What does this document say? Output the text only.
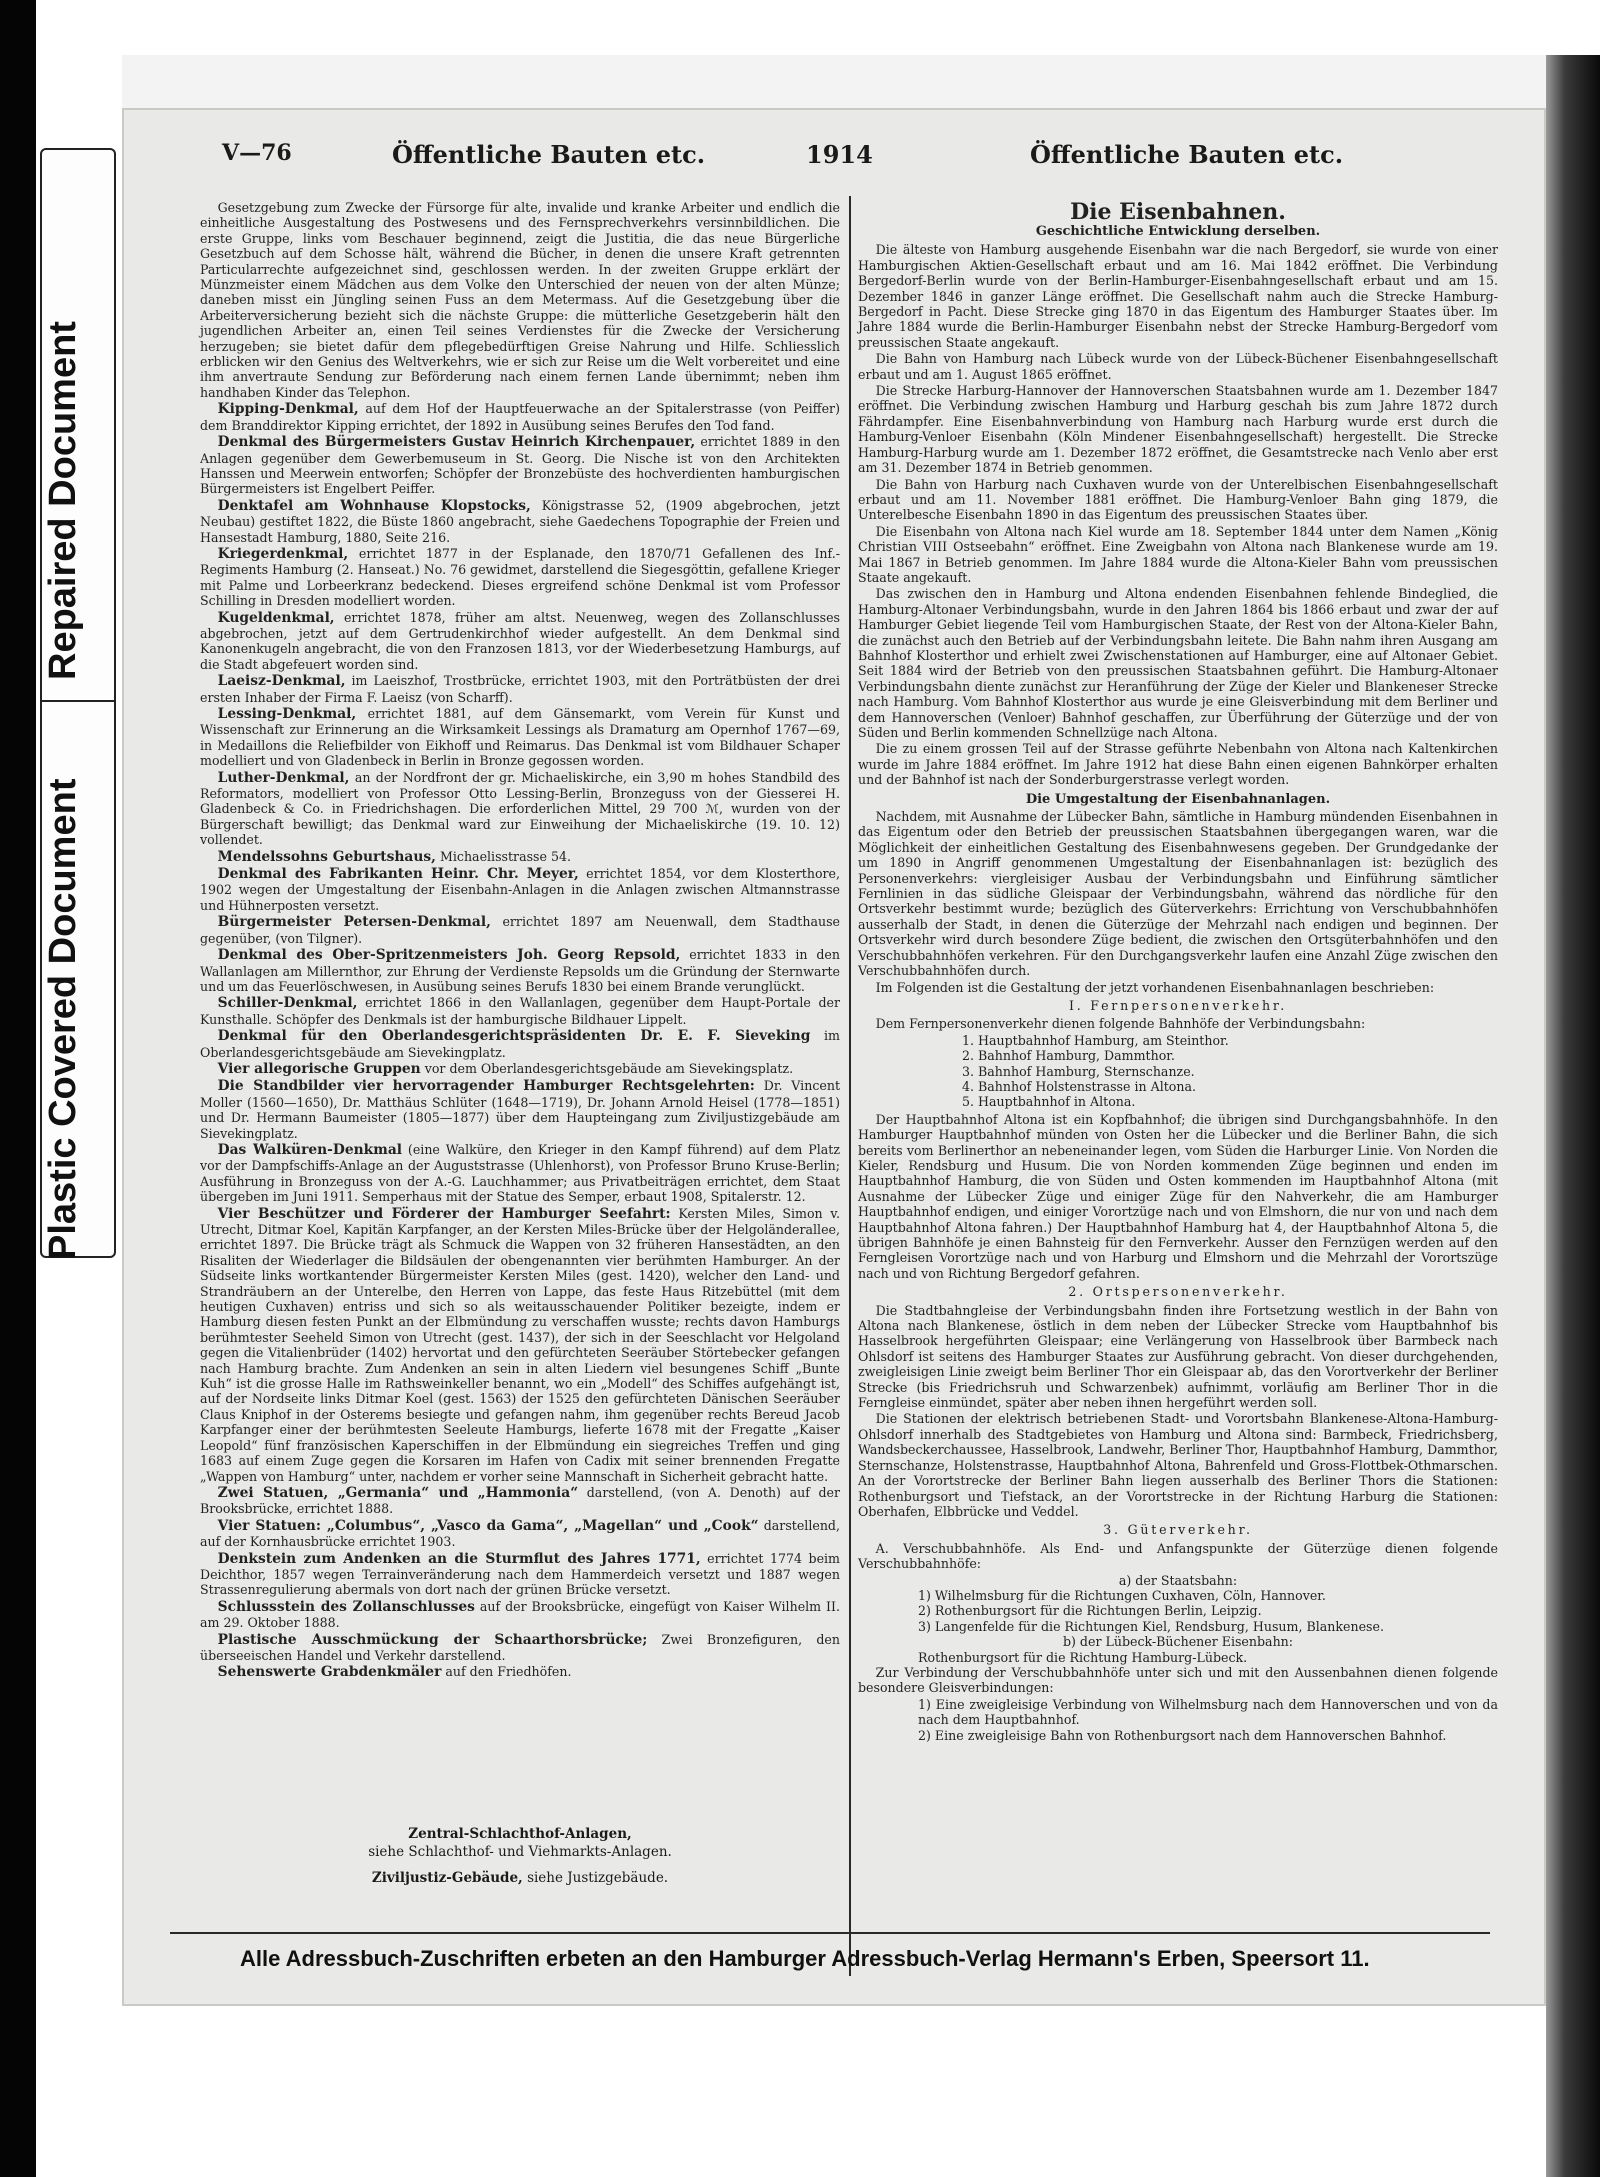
Plastic Covered Document
Repaired Document
V—76	Öffentliche Bauten etc.	1914	Öffentliche Bauten etc.

Gesetzgebung zum Zwecke der Fürsorge für alte, invalide und kranke Arbeiter und endlich die einheitliche Ausgestaltung des Postwesens und des Fernsprechverkehrs versinnbildlichen. Die erste Gruppe, links vom Beschauer beginnend, zeigt die Justitia, die das neue Bürgerliche Gesetzbuch auf dem Schosse hält, während die Bücher, in denen die unsere Kraft getrennten Particularrechte aufgezeichnet sind, geschlossen werden. In der zweiten Gruppe erklärt der Münzmeister einem Mädchen aus dem Volke den Unterschied der neuen von der alten Münze; daneben misst ein Jüngling seinen Fuss an dem Metermass. Auf die Gesetzgebung über die Arbeiterversicherung bezieht sich die nächste Gruppe: die mütterliche Gesetzgeberin hält den jugendlichen Arbeiter an, einen Teil seines Verdienstes für die Zwecke der Versicherung herzugeben; sie bietet dafür dem pflegebedürftigen Greise Nahrung und Hilfe. Schliesslich erblicken wir den Genius des Weltverkehrs, wie er sich zur Reise um die Welt vorbereitet und eine ihm anvertraute Sendung zur Beförderung nach einem fernen Lande übernimmt; neben ihm handhaben Kinder das Telephon.

Kipping-Denkmal, auf dem Hof der Hauptfeuerwache an der Spitalerstrasse (von Peiffer) dem Branddirektor Kipping errichtet, der 1892 in Ausübung seines Berufes den Tod fand.

Denkmal des Bürgermeisters Gustav Heinrich Kirchenpauer, errichtet 1889 in den Anlagen gegenüber dem Gewerbemuseum in St. Georg. Die Nische ist von den Architekten Hanssen und Meerwein entworfen; Schöpfer der Bronzebüste des hochverdienten hamburgischen Bürgermeisters ist Engelbert Peiffer.

Denktafel am Wohnhause Klopstocks, Königstrasse 52, (1909 abgebrochen, jetzt Neubau) gestiftet 1822, die Büste 1860 angebracht, siehe Gaedechens Topographie der Freien und Hansestadt Hamburg, 1880, Seite 216.

Kriegerdenkmal, errichtet 1877 in der Esplanade, den 1870/71 Gefallenen des Inf.-Regiments Hamburg (2. Hanseat.) No. 76 gewidmet, darstellend die Siegesgöttin, gefallene Krieger mit Palme und Lorbeerkranz bedeckend. Dieses ergreifend schöne Denkmal ist vom Professor Schilling in Dresden modelliert worden.

Kugeldenkmal, errichtet 1878, früher am altst. Neuenweg, wegen des Zollanschlusses abgebrochen, jetzt auf dem Gertrudenkirchhof wieder aufgestellt. An dem Denkmal sind Kanonenkugeln angebracht, die von den Franzosen 1813, vor der Wiederbesetzung Hamburgs, auf die Stadt abgefeuert worden sind.

Laeisz-Denkmal, im Laeiszhof, Trostbrücke, errichtet 1903, mit den Porträtbüsten der drei ersten Inhaber der Firma F. Laeisz (von Scharff).

Lessing-Denkmal, errichtet 1881, auf dem Gänsemarkt, vom Verein für Kunst und Wissenschaft zur Erinnerung an die Wirksamkeit Lessings als Dramaturg am Opernhof 1767—69, in Medaillons die Reliefbilder von Eikhoff und Reimarus. Das Denkmal ist vom Bildhauer Schaper modelliert und von Gladenbeck in Berlin in Bronze gegossen worden.

Luther-Denkmal, an der Nordfront der gr. Michaeliskirche, ein 3,90 m hohes Standbild des Reformators, modelliert von Professor Otto Lessing-Berlin, Bronzeguss von der Giesserei H. Gladenbeck & Co. in Friedrichshagen. Die erforderlichen Mittel, 29 700 ℳ, wurden von der Bürgerschaft bewilligt; das Denkmal ward zur Einweihung der Michaeliskirche (19. 10. 12) vollendet.

Mendelssohns Geburtshaus, Michaelisstrasse 54.

Denkmal des Fabrikanten Heinr. Chr. Meyer, errichtet 1854, vor dem Klosterthore, 1902 wegen der Umgestaltung der Eisenbahn-Anlagen in die Anlagen zwischen Altmannstrasse und Hühnerposten versetzt.

Bürgermeister Petersen-Denkmal, errichtet 1897 am Neuenwall, dem Stadthause gegenüber, (von Tilgner).

Denkmal des Ober-Spritzenmeisters Joh. Georg Repsold, errichtet 1833 in den Wallanlagen am Millernthor, zur Ehrung der Verdienste Repsolds um die Gründung der Sternwarte und um das Feuerlöschwesen, in Ausübung seines Berufs 1830 bei einem Brande verunglückt.

Schiller-Denkmal, errichtet 1866 in den Wallanlagen, gegenüber dem Haupt-Portale der Kunsthalle. Schöpfer des Denkmals ist der hamburgische Bildhauer Lippelt.

Denkmal für den Oberlandesgerichtspräsidenten Dr. E. F. Sieveking im Oberlandesgerichtsgebäude am Sievekingplatz.

Vier allegorische Gruppen vor dem Oberlandesgerichtsgebäude am Sievekingsplatz.

Die Standbilder vier hervorragender Hamburger Rechtsgelehrten: Dr. Vincent Moller (1560—1650), Dr. Matthäus Schlüter (1648—1719), Dr. Johann Arnold Heisel (1778—1851) und Dr. Hermann Baumeister (1805—1877) über dem Haupteingang zum Ziviljustizgebäude am Sievekingplatz.

Das Walküren-Denkmal (eine Walküre, den Krieger in den Kampf führend) auf dem Platz vor der Dampfschiffs-Anlage an der Auguststrasse (Uhlenhorst), von Professor Bruno Kruse-Berlin; Ausführung in Bronzeguss von der A.-G. Lauchhammer; aus Privatbeiträgen errichtet, dem Staat übergeben im Juni 1911. Semperhaus mit der Statue des Semper, erbaut 1908, Spitalerstr. 12.

Vier Beschützer und Förderer der Hamburger Seefahrt: Kersten Miles, Simon v. Utrecht, Ditmar Koel, Kapitän Karpfanger, an der Kersten Miles-Brücke über der Helgoländerallee, errichtet 1897. Die Brücke trägt als Schmuck die Wappen von 32 früheren Hansestädten, an den Risaliten der Wiederlager die Bildsäulen der obengenannten vier berühmten Hamburger. An der Südseite links wortkantender Bürgermeister Kersten Miles (gest. 1420), welcher den Land- und Strandräubern an der Unterelbe, den Herren von Lappe, das feste Haus Ritzebüttel (mit dem heutigen Cuxhaven) entriss und sich so als weitausschauender Politiker bezeigte, indem er Hamburg diesen festen Punkt an der Elbmündung zu verschaffen wusste; rechts davon Hamburgs berühmtester Seeheld Simon von Utrecht (gest. 1437), der sich in der Seeschlacht vor Helgoland gegen die Vitalienbrüder (1402) hervortat und den gefürchteten Seeräuber Störtebecker gefangen nach Hamburg brachte. Zum Andenken an sein in alten Liedern viel besungenes Schiff „Bunte Kuh“ ist die grosse Halle im Rathsweinkeller benannt, wo ein „Modell“ des Schiffes aufgehängt ist, auf der Nordseite links Ditmar Koel (gest. 1563) der 1525 den gefürchteten Dänischen Seeräuber Claus Kniphof in der Osterems besiegte und gefangen nahm, ihm gegenüber rechts Bereud Jacob Karpfanger einer der berühmtesten Seeleute Hamburgs, lieferte 1678 mit der Fregatte „Kaiser Leopold“ fünf französischen Kaperschiffen in der Elbmündung ein siegreiches Treffen und ging 1683 auf einem Zuge gegen die Korsaren im Hafen von Cadix mit seiner brennenden Fregatte „Wappen von Hamburg“ unter, nachdem er vorher seine Mannschaft in Sicherheit gebracht hatte.

Zwei Statuen, „Germania“ und „Hammonia“ darstellend, (von A. Denoth) auf der Brooksbrücke, errichtet 1888.

Vier Statuen: „Columbus“, „Vasco da Gama“, „Magellan“ und „Cook“ darstellend, auf der Kornhausbrücke errichtet 1903.

Denkstein zum Andenken an die Sturmflut des Jahres 1771, errichtet 1774 beim Deichthor, 1857 wegen Terrainveränderung nach dem Hammerdeich versetzt und 1887 wegen Strassenregulierung abermals von dort nach der grünen Brücke versetzt.

Schlussstein des Zollanschlusses auf der Brooksbrücke, eingefügt von Kaiser Wilhelm II. am 29. Oktober 1888.

Plastische Ausschmückung der Schaarthorsbrücke; Zwei Bronzefiguren, den überseeischen Handel und Verkehr darstellend.

Sehenswerte Grabdenkmäler auf den Friedhöfen.

Zentral-Schlachthof-Anlagen,
siehe Schlachthof- und Viehmarkts-Anlagen.
Ziviljustiz-Gebäude, siehe Justizgebäude.
Die Eisenbahnen.
Geschichtliche Entwicklung derselben.

Die älteste von Hamburg ausgehende Eisenbahn war die nach Bergedorf, sie wurde von einer Hamburgischen Aktien-Gesellschaft erbaut und am 16. Mai 1842 eröffnet. Die Verbindung Bergedorf-Berlin wurde von der Berlin-Hamburger-Eisenbahngesellschaft erbaut und am 15. Dezember 1846 in ganzer Länge eröffnet. Die Gesellschaft nahm auch die Strecke Hamburg-Bergedorf in Pacht. Diese Strecke ging 1870 in das Eigentum des Hamburger Staates über. Im Jahre 1884 wurde die Berlin-Hamburger Eisenbahn nebst der Strecke Hamburg-Bergedorf vom preussischen Staate angekauft.

Die Bahn von Hamburg nach Lübeck wurde von der Lübeck-Büchener Eisenbahngesellschaft erbaut und am 1. August 1865 eröffnet.

Die Strecke Harburg-Hannover der Hannoverschen Staatsbahnen wurde am 1. Dezember 1847 eröffnet. Die Verbindung zwischen Hamburg und Harburg geschah bis zum Jahre 1872 durch Fährdampfer. Eine Eisenbahnverbindung von Hamburg nach Harburg wurde erst durch die Hamburg-Venloer Eisenbahn (Köln Mindener Eisenbahngesellschaft) hergestellt. Die Strecke Hamburg-Harburg wurde am 1. Dezember 1872 eröffnet, die Gesamtstrecke nach Venlo aber erst am 31. Dezember 1874 in Betrieb genommen.

Die Bahn von Harburg nach Cuxhaven wurde von der Unterelbischen Eisenbahngesellschaft erbaut und am 11. November 1881 eröffnet. Die Hamburg-Venloer Bahn ging 1879, die Unterelbesche Eisenbahn 1890 in das Eigentum des preussischen Staates über.

Die Eisenbahn von Altona nach Kiel wurde am 18. September 1844 unter dem Namen „König Christian VIII Ostseebahn“ eröffnet. Eine Zweigbahn von Altona nach Blankenese wurde am 19. Mai 1867 in Betrieb genommen. Im Jahre 1884 wurde die Altona-Kieler Bahn vom preussischen Staate angekauft.

Das zwischen den in Hamburg und Altona endenden Eisenbahnen fehlende Bindeglied, die Hamburg-Altonaer Verbindungsbahn, wurde in den Jahren 1864 bis 1866 erbaut und zwar der auf Hamburger Gebiet liegende Teil vom Hamburgischen Staate, der Rest von der Altona-Kieler Bahn, die zunächst auch den Betrieb auf der Verbindungsbahn leitete. Die Bahn nahm ihren Ausgang am Bahnhof Klosterthor und erhielt zwei Zwischenstationen auf Hamburger, eine auf Altonaer Gebiet. Seit 1884 wird der Betrieb von den preussischen Staatsbahnen geführt. Die Hamburg-Altonaer Verbindungsbahn diente zunächst zur Heranführung der Züge der Kieler und Blankeneser Strecke nach Hamburg. Vom Bahnhof Klosterthor aus wurde je eine Gleisverbindung mit dem Berliner und dem Hannoverschen (Venloer) Bahnhof geschaffen, zur Überführung der Güterzüge und der von Süden und Berlin kommenden Schnellzüge nach Altona.

Die zu einem grossen Teil auf der Strasse geführte Nebenbahn von Altona nach Kaltenkirchen wurde im Jahre 1884 eröffnet. Im Jahre 1912 hat diese Bahn einen eigenen Bahnkörper erhalten und der Bahnhof ist nach der Sonderburgerstrasse verlegt worden.

Die Umgestaltung der Eisenbahnanlagen.

Nachdem, mit Ausnahme der Lübecker Bahn, sämtliche in Hamburg mündenden Eisenbahnen in das Eigentum oder den Betrieb der preussischen Staatsbahnen übergegangen waren, war die Möglichkeit der einheitlichen Gestaltung des Eisenbahnwesens gegeben. Der Grundgedanke der um 1890 in Angriff genommenen Umgestaltung der Eisenbahnanlagen ist: bezüglich des Personenverkehrs: viergleisiger Ausbau der Verbindungsbahn und Einführung sämtlicher Fernlinien in das südliche Gleispaar der Verbindungsbahn, während das nördliche für den Ortsverkehr bestimmt wurde; bezüglich des Güterverkehrs: Errichtung von Verschubbahnhöfen ausserhalb der Stadt, in denen die Güterzüge der Mehrzahl nach endigen und beginnen. Der Ortsverkehr wird durch besondere Züge bedient, die zwischen den Ortsgüterbahnhöfen und den Verschubbahnhöfen verkehren. Für den Durchgangsverkehr laufen eine Anzahl Züge zwischen den Verschubbahnhöfen durch.

Im Folgenden ist die Gestaltung der jetzt vorhandenen Eisenbahnanlagen beschrieben:

I. Fernpersonenverkehr.

Dem Fernpersonenverkehr dienen folgende Bahnhöfe der Verbindungsbahn:

1. Hauptbahnhof Hamburg, am Steinthor.
2. Bahnhof Hamburg, Dammthor.
3. Bahnhof Hamburg, Sternschanze.
4. Bahnhof Holstenstrasse in Altona.
5. Hauptbahnhof in Altona.

Der Hauptbahnhof Altona ist ein Kopfbahnhof; die übrigen sind Durchgangsbahnhöfe. In den Hamburger Hauptbahnhof münden von Osten her die Lübecker und die Berliner Bahn, die sich bereits vom Berlinerthor an nebeneinander legen, vom Süden die Harburger Linie. Von Norden die Kieler, Rendsburg und Husum. Die von Norden kommenden Züge beginnen und enden im Hauptbahnhof Hamburg, die von Süden und Osten kommenden im Hauptbahnhof Altona (mit Ausnahme der Lübecker Züge und einiger Züge für den Nahverkehr, die am Hamburger Hauptbahnhof endigen, und einiger Vorortzüge nach und von Elmshorn, die nur von und nach dem Hauptbahnhof Altona fahren.) Der Hauptbahnhof Hamburg hat 4, der Hauptbahnhof Altona 5, die übrigen Bahnhöfe je einen Bahnsteig für den Fernverkehr. Ausser den Fernzügen werden auf den Ferngleisen Vorortzüge nach und von Harburg und Elmshorn und die Mehrzahl der Vorortszüge nach und von Richtung Bergedorf gefahren.

2. Ortspersonenverkehr.

Die Stadtbahngleise der Verbindungsbahn finden ihre Fortsetzung westlich in der Bahn von Altona nach Blankenese, östlich in dem neben der Lübecker Strecke vom Hauptbahnhof bis Hasselbrook hergeführten Gleispaar; eine Verlängerung von Hasselbrook über Barmbeck nach Ohlsdorf ist seitens des Hamburger Staates zur Ausführung gebracht. Von dieser durchgehenden, zweigleisigen Linie zweigt beim Berliner Thor ein Gleispaar ab, das den Vorortverkehr der Berliner Strecke (bis Friedrichsruh und Schwarzenbek) aufnimmt, vorläufig am Berliner Thor in die Ferngleise einmündet, später aber neben ihnen hergeführt werden soll.

Die Stationen der elektrisch betriebenen Stadt- und Vorortsbahn Blankenese-Altona-Hamburg-Ohlsdorf innerhalb des Stadtgebietes von Hamburg und Altona sind: Barmbeck, Friedrichsberg, Wandsbeckerchaussee, Hasselbrook, Landwehr, Berliner Thor, Hauptbahnhof Hamburg, Dammthor, Sternschanze, Holstenstrasse, Hauptbahnhof Altona, Bahrenfeld und Gross-Flottbek-Othmarschen. An der Vorortstrecke der Berliner Bahn liegen ausserhalb des Berliner Thors die Stationen: Rothenburgsort und Tiefstack, an der Vorortstrecke in der Richtung Harburg die Stationen: Oberhafen, Elbbrücke und Veddel.

3. Güterverkehr.

A. Verschubbahnhöfe. Als End- und Anfangspunkte der Güterzüge dienen folgende Verschubbahnhöfe:

a) der Staatsbahn:
1) Wilhelmsburg für die Richtungen Cuxhaven, Cöln, Hannover.
2) Rothenburgsort für die Richtungen Berlin, Leipzig.
3) Langenfelde für die Richtungen Kiel, Rendsburg, Husum, Blankenese.
b) der Lübeck-Büchener Eisenbahn:
Rothenburgsort für die Richtung Hamburg-Lübeck.

Zur Verbindung der Verschubbahnhöfe unter sich und mit den Aussenbahnen dienen folgende besondere Gleisverbindungen:

1) Eine zweigleisige Verbindung von Wilhelmsburg nach dem Hannoverschen und von da nach dem Hauptbahnhof.
2) Eine zweigleisige Bahn von Rothenburgsort nach dem Hannoverschen Bahnhof.
Alle Adressbuch-Zuschriften erbeten an den Hamburger Adressbuch-Verlag Hermann's Erben, Speersort 11.
